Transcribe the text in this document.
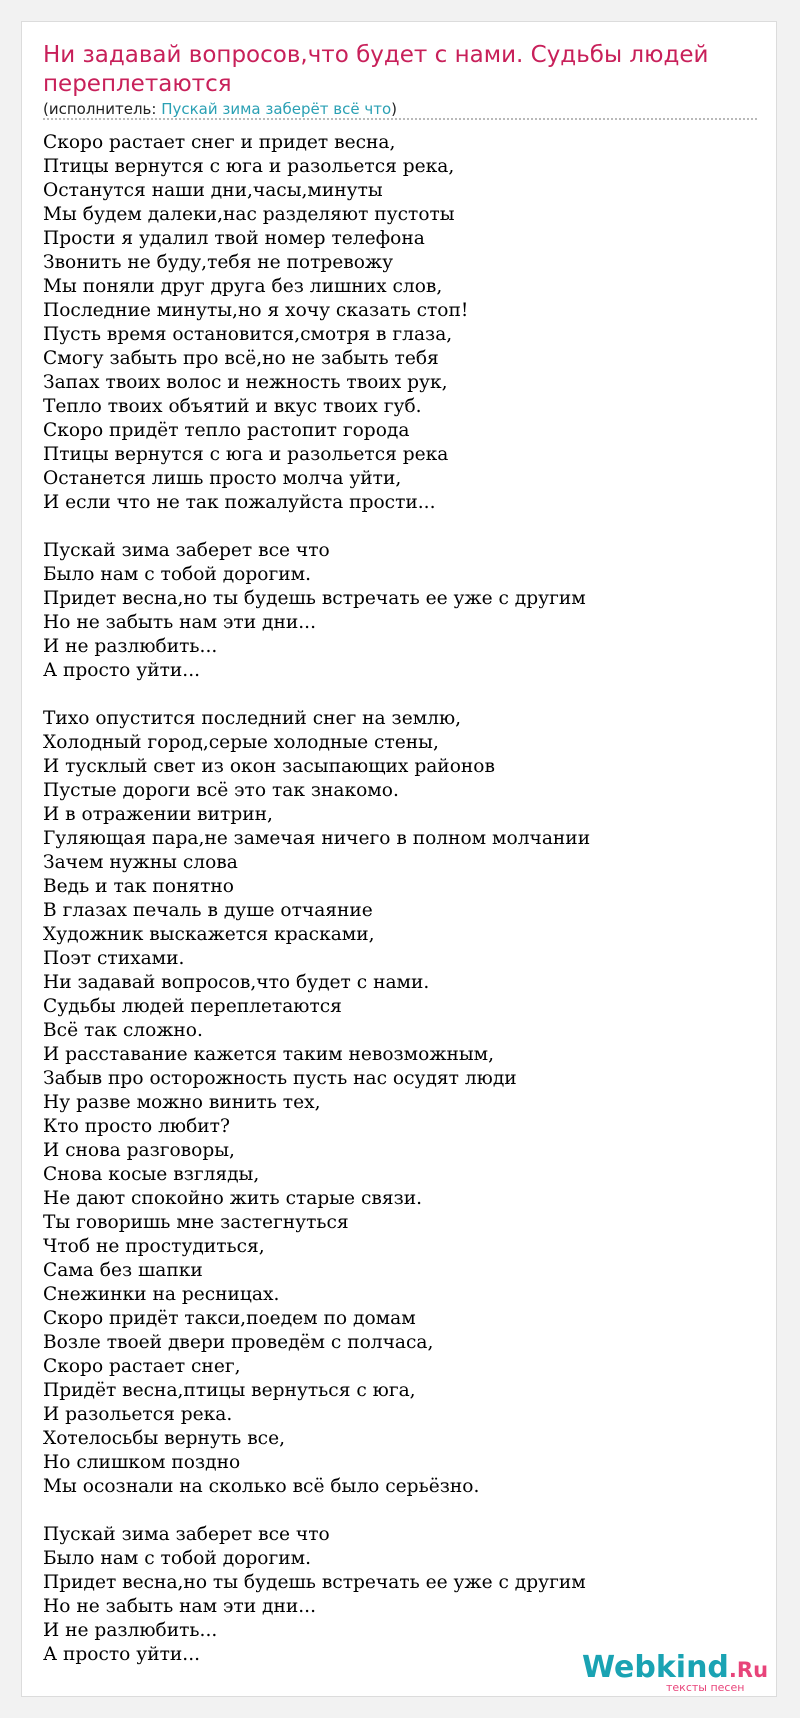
Ни задавай вопросов,что будет с нами. Судьбы людей переплетаются
(исполнитель: Пускай зима заберёт всё что)
Скоро растает снег и придет весна,
Птицы вернутся с юга и разольется река,
Останутся наши дни,часы,минуты
Мы будем далеки,нас разделяют пустоты
Прости я удалил твой номер телефона
Звонить не буду,тебя не потревожу
Мы поняли друг друга без лишних слов,
Последние минуты,но я хочу сказать стоп!
Пусть время остановится,смотря в глаза,
Смогу забыть про всё,но не забыть тебя
Запах твоих волос и нежность твоих рук,
Тепло твоих объятий и вкус твоих губ.
Скоро придёт тепло растопит города
Птицы вернутся с юга и разольется река
Останется лишь просто молча уйти,
И если что не так пожалуйста прости...
Пускай зима заберет все что
Было нам с тобой дорогим.
Придет весна,но ты будешь встречать ее уже с другим
Но не забыть нам эти дни...
И не разлюбить...
А просто уйти...
Тихо опустится последний снег на землю,
Холодный город,серые холодные стены,
И тусклый свет из окон засыпающих районов
Пустые дороги всё это так знакомо.
И в отражении витрин,
Гуляющая пара,не замечая ничего в полном молчании
Зачем нужны слова
Ведь и так понятно
В глазах печаль в душе отчаяние
Художник выскажется красками,
Поэт стихами.
Ни задавай вопросов,что будет с нами.
Судьбы людей переплетаются
Всё так сложно.
И расставание кажется таким невозможным,
Забыв про осторожность пусть нас осудят люди
Ну разве можно винить тех,
Кто просто любит?
И снова разговоры,
Снова косые взгляды,
Не дают спокойно жить старые связи.
Ты говоришь мне застегнуться
Чтоб не простудиться,
Сама без шапки
Снежинки на ресницах.
Скоро придёт такси,поедем по домам
Возле твоей двери проведём с полчаса,
Скоро растает снег,
Придёт весна,птицы вернуться с юга,
И разольется река.
Хотелосьбы вернуть все,
Но слишком поздно
Мы осознали на сколько всё было серьёзно.
Пускай зима заберет все что
Было нам с тобой дорогим.
Придет весна,но ты будешь встречать ее уже с другим
Но не забыть нам эти дни...
И не разлюбить...
А просто уйти...	Webkind.Ru
тексты песен
